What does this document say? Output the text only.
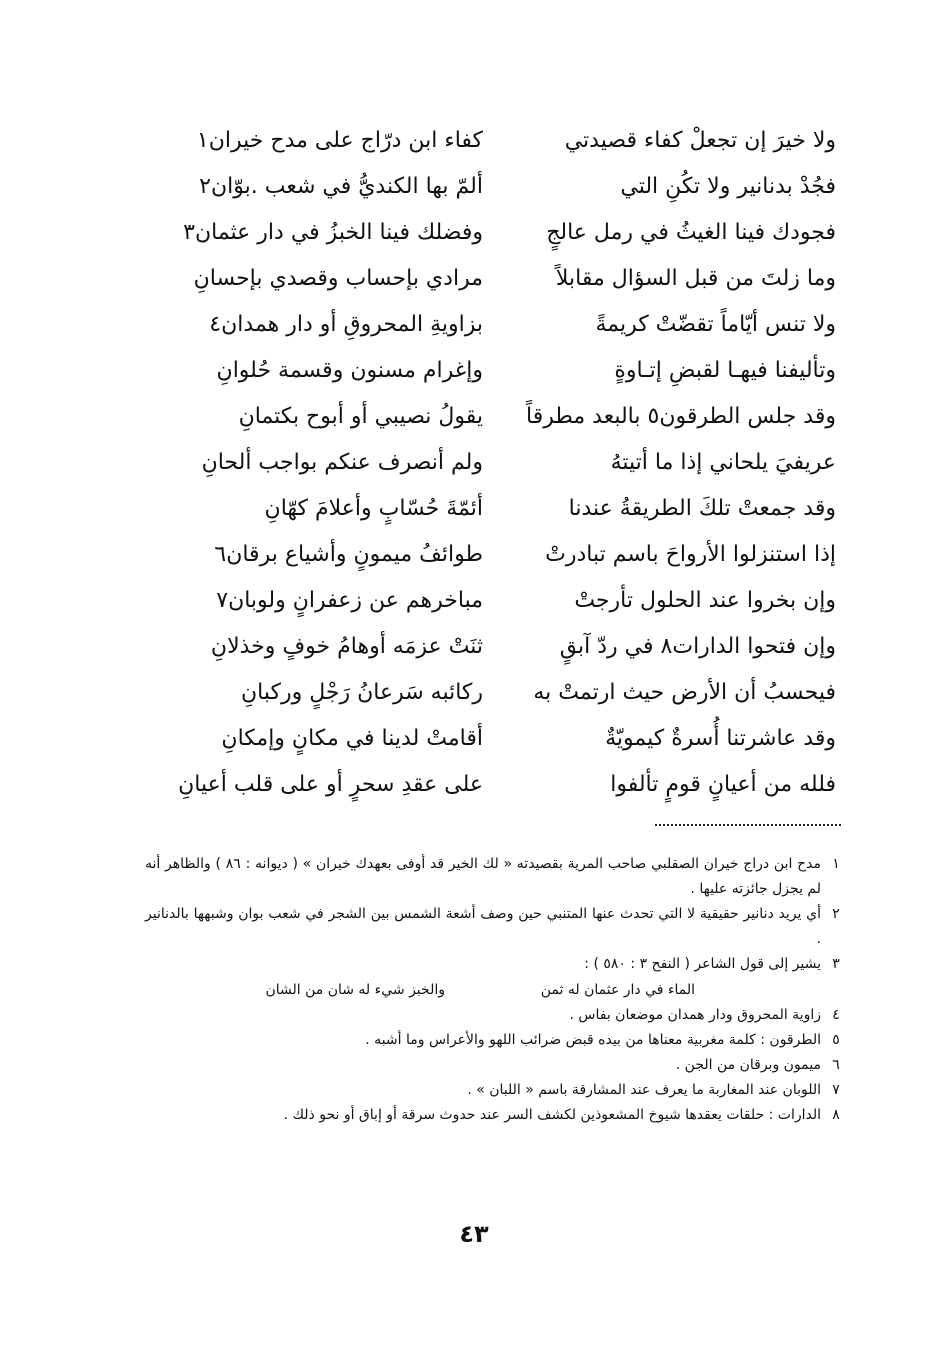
ولا خيرَ إن تجعلْ كفاء قصيدتي
كفاء ابن درّاج على مدح خيران١
فجُدْ بدنانير ولا تكُنِ التي
ألمّ بها الكنديُّ في شعب .بوّان٢
فجودك فينا الغيثُ في رمل عالجٍ
وفضلك فينا الخبزُ في دار عثمان٣
وما زلتَ من قبل السؤال مقابلاً
مرادي بإحساب وقصدي بإحسانِ
ولا تنس أيّاماً تقضّتْ كريمةً
بزاويةِ المحروقِ أو دار همدان٤
وتأليفنا فيهـا لقبضِ إتـاوةٍ
وإغرام مسنون وقسمة حُلوانِ
وقد جلس الطرقون٥ بالبعد مطرقاً
يقولُ نصيبي أو أبوح بكتمانِ
عريفيَ يلحاني إذا ما أتيتهُ
ولم أنصرف عنكم بواجب ألحانِ
وقد جمعتْ تلكَ الطريقةُ عندنا
أئمّةَ حُسّابٍ وأعلامَ كهّانِ
إذا استنزلوا الأرواحَ باسم تبادرتْ
طوائفُ ميمونٍ وأشياع برقان٦
وإن بخروا عند الحلول تأرجتْ
مباخرهم عن زعفرانٍ ولوبان٧
وإن فتحوا الدارات٨ في ردّ آبقٍ
ثنَتْ عزمَه أوهامُ خوفٍ وخذلانِ
فيحسبُ أن الأرض حيث ارتمتْ به
ركائبه سَرعانُ رَجْلٍ وركبانِ
وقد عاشرتنا أُسرةٌ كيمويّةٌ
أقامتْ لدينا في مكانٍ وإمكانِ
فلله من أعيانٍ قومٍ تألفوا
على عقدِ سحرٍ أو على قلب أعيانِ
١
مدح ابن دراج خيران الصقلبي صاحب المرية بقصيدته « لك الخير قد أوفى بعهدك خيران » ( ديوانه : ٨٦ ) والظاهر أنه لم يجزل جائزته عليها .
٢
أي يريد دنانير حقيقية لا التي تحدث عنها المتنبي حين وصف أشعة الشمس بين الشجر في شعب بوان وشبهها بالدنانير .
٣
يشير إلى قول الشاعر ( النفح ٣ : ٥٨٠ ) :
الماء في دار عثمان له ثمن
والخبز شيء له شان من الشان
٤
زاوية المحروق ودار همدان موضعان بفاس .
٥
الطرقون : كلمة مغربية معناها من بيده قبض ضرائب اللهو والأعراس وما أشبه .
٦
ميمون وبرقان من الجن .
٧
اللوبان عند المغاربة ما يعرف عند المشارقة باسم « اللبان » .
٨
الدارات : حلقات يعقدها شيوخ المشعوذين لكشف السر عند حدوث سرقة أو إباق أو نحو ذلك .
٤٣
